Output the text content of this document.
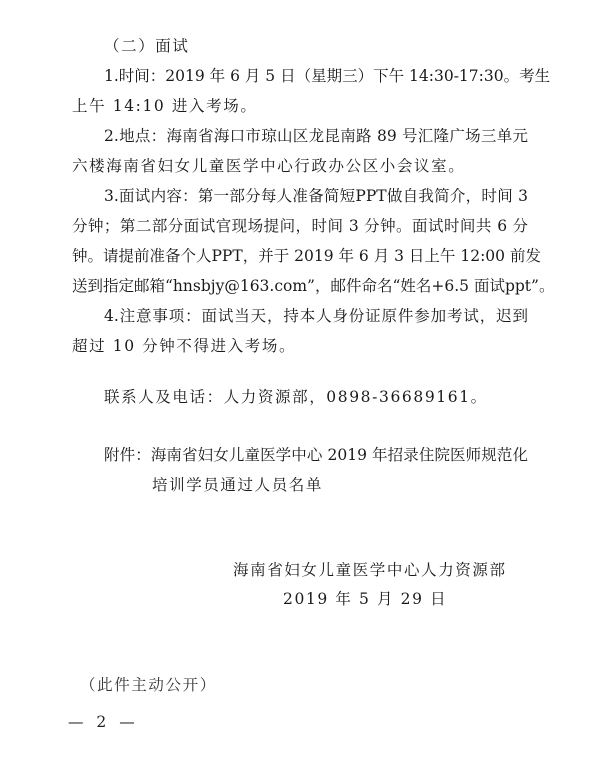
（二）面试
1.时间：2019 年 6 月 5 日（星期三）下午 14:30-17:30。考生
上午 14:10 进入考场。
2.地点：海南省海口市琼山区龙昆南路 89 号汇隆广场三单元
六楼海南省妇女儿童医学中心行政办公区小会议室。
3.面试内容：第一部分每人准备简短PPT做自我简介，时间 3
分钟；第二部分面试官现场提问，时间 3 分钟。面试时间共 6 分
钟。请提前准备个人PPT，并于 2019 年 6 月 3 日上午 12:00 前发
送到指定邮箱“hnsbjy@163.com”，邮件命名“姓名+6.5 面试ppt”。
4.注意事项：面试当天，持本人身份证原件参加考试，迟到
超过 10 分钟不得进入考场。
联系人及电话：人力资源部，0898-36689161。
附件：海南省妇女儿童医学中心 2019 年招录住院医师规范化
培训学员通过人员名单
海南省妇女儿童医学中心人力资源部
2019 年 5 月 29 日
（此件主动公开）
— 2 —
